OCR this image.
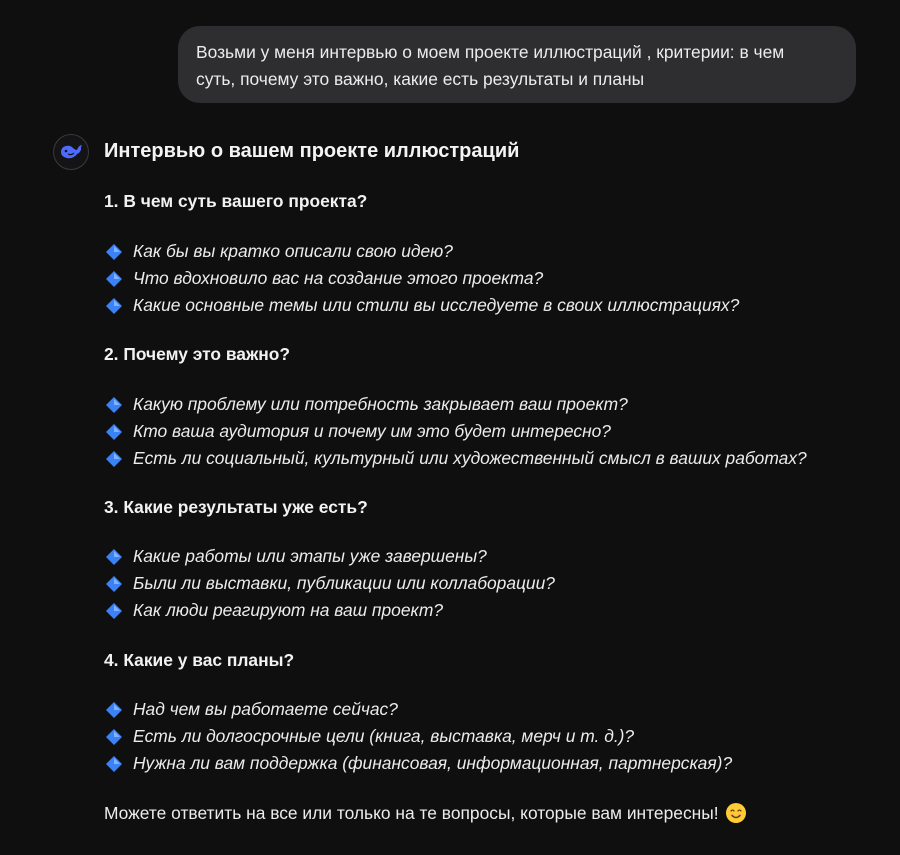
Возьми у меня интервью о моем проекте иллюстраций , критерии: в чем
суть, почему это важно, какие есть результаты и планы
Интервью о вашем проекте иллюстраций
1. В чем суть вашего проекта?
Как бы вы кратко описали свою идею?
Что вдохновило вас на создание этого проекта?
Какие основные темы или стили вы исследуете в своих иллюстрациях?
2. Почему это важно?
Какую проблему или потребность закрывает ваш проект?
Кто ваша аудитория и почему им это будет интересно?
Есть ли социальный, культурный или художественный смысл в ваших работах?
3. Какие результаты уже есть?
Какие работы или этапы уже завершены?
Были ли выставки, публикации или коллаборации?
Как люди реагируют на ваш проект?
4. Какие у вас планы?
Над чем вы работаете сейчас?
Есть ли долгосрочные цели (книга, выставка, мерч и т. д.)?
Нужна ли вам поддержка (финансовая, информационная, партнерская)?
Можете ответить на все или только на те вопросы, которые вам интересны!
